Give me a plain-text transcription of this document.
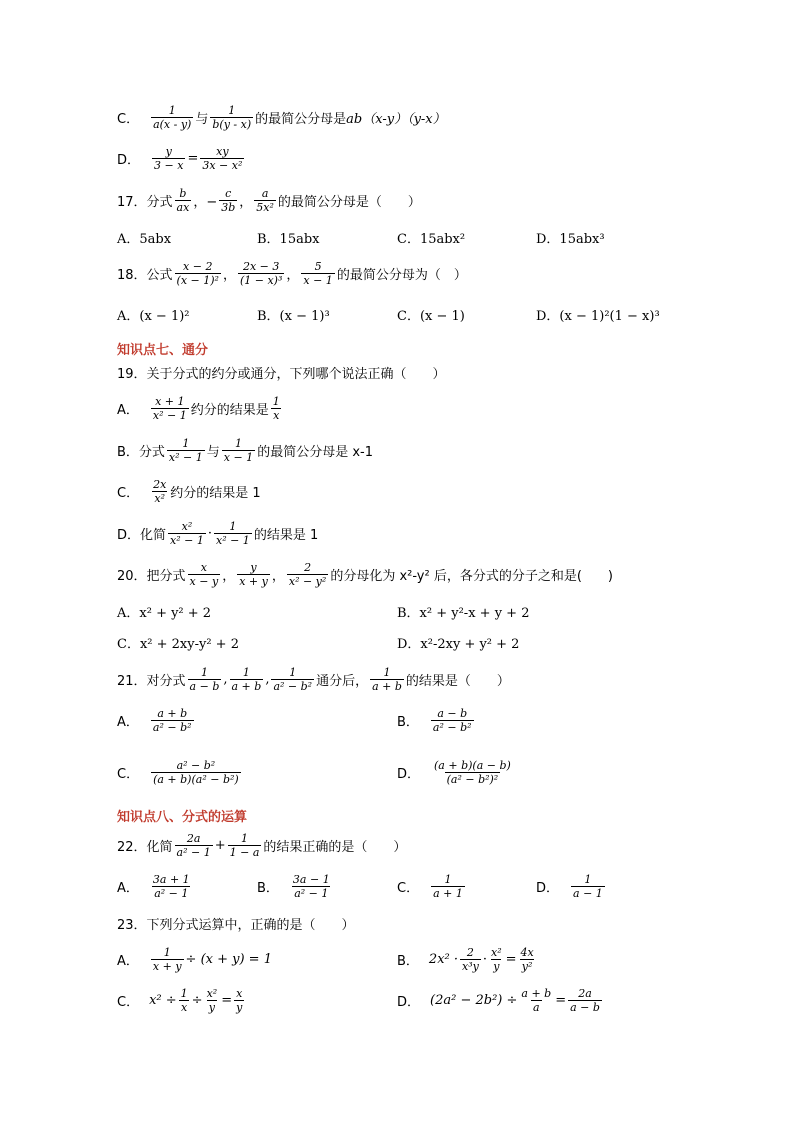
C． $\frac{1}{a(x - y)}$ 与 $\frac{1}{b(y - x)}$ 的最简公分母是 ab（x-y）（y-x）
D． $\frac{y}{3 - x} = \frac{xy}{\text{3x − x²}}$
17．分式 $\frac{b}{ax}$ ，− $\frac{c}{3b}$ ， $\frac{a}{\text{5x²}}$ 的最简公分母是（　　）
A．5abx	B．15abx	C．15abx²	D．15abx³
18．公式 $\frac{x - 2}{\text{(x − 1)²}}$ ， $\frac{2x - 3}{\text{(1 − x)³}}$ ， $\frac{5}{x - 1}$ 的最简公分母为（　）
A．(x − 1)²	B．(x − 1)³	C．(x − 1)	D．(x − 1)²(1 − x)³
知识点七、通分
19．关于分式的约分或通分，下列哪个说法正确（　　）
A． $\frac{x + 1}{\text{x² − 1}}$ 约分的结果是 $\frac{1}{x}$
B．分式 $\frac{1}{\text{x² − 1}}$ 与 $\frac{1}{x - 1}$ 的最简公分母是 x-1
C． $\frac{2x}{\text{x²}}$ 约分的结果是 1
D．化简 $\frac{\text{x²}}{\text{x² − 1}} \cdot \frac{1}{\text{x² − 1}}$ 的结果是 1
20．把分式 $\frac{x}{x - y}$ ， $\frac{y}{x + y}$ ， $\frac{2}{\text{x² − y²}}$ 的分母化为 x²-y² 后，各分式的分子之和是(　　)
A．x² + y² + 2	B．x² + y²-x + y + 2
C．x² + 2xy-y² + 2	D．x²-2xy + y² + 2
21．对分式 $\frac{1}{a - b}$ , $\frac{1}{a + b}$ , $\frac{1}{\text{a² − b²}}$ 通分后， $\frac{1}{a + b}$ 的结果是（　　）
A． $\frac{a + b}{\text{a² − b²}}$	B． $\frac{a - b}{\text{a² − b²}}$
C． $\frac{\text{a² − b²}}{\text{(a + b)(a² − b²)}}$	D． $\frac{(a + b)(a - b)}{\text{(a² − b²)²}}$
知识点八、分式的运算
22．化简 $\frac{2a}{\text{a² − 1}} + \frac{1}{1 - a}$ 的结果正确的是（　　）
A． $\frac{3a + 1}{\text{a² − 1}}$	B． $\frac{3a - 1}{\text{a² − 1}}$	C． $\frac{1}{a + 1}$	D． $\frac{1}{a - 1}$
23．下列分式运算中，正确的是（　　）
A． $\frac{1}{x + y} \div (x + y) = 1$	B． $2x^2 \cdot \frac{2}{\text{x³y}} \cdot \frac{\text{x²}}{y} = \frac{4x}{\text{y²}}$
C． $x^2 \div \frac{1}{x} \div \frac{\text{x²}}{y} = \frac{x}{y}$	D． $(2a^2 - 2b^2) \div \frac{a + b}{a} = \frac{2a}{a - b}$
